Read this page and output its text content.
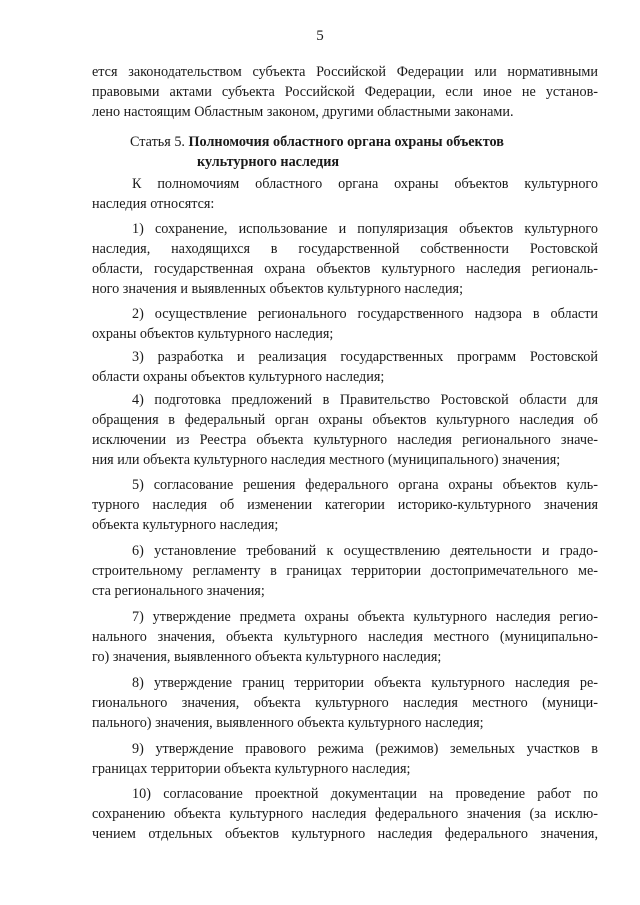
5
ется законодательством субъекта Российской Федерации или нормативными
правовыми актами субъекта Российской Федерации, если иное не установ-
лено настоящим Областным законом, другими областными законами.
Статья 5. Полномочия областного органа охраны объектов
культурного наследия
К полномочиям областного органа охраны объектов культурного
наследия относятся:
1) сохранение, использование и популяризация объектов культурного
наследия, находящихся в государственной собственности Ростовской
области, государственная охрана объектов культурного наследия региональ-
ного значения и выявленных объектов культурного наследия;
2) осуществление регионального государственного надзора в области
охраны объектов культурного наследия;
3) разработка и реализация государственных программ Ростовской
области охраны объектов культурного наследия;
4) подготовка предложений в Правительство Ростовской области для
обращения в федеральный орган охраны объектов культурного наследия об
исключении из Реестра объекта культурного наследия регионального значе-
ния или объекта культурного наследия местного (муниципального) значения;
5) согласование решения федерального органа охраны объектов куль-
турного наследия об изменении категории историко-культурного значения
объекта культурного наследия;
6) установление требований к осуществлению деятельности и градо-
строительному регламенту в границах территории достопримечательного ме-
ста регионального значения;
7) утверждение предмета охраны объекта культурного наследия регио-
нального значения, объекта культурного наследия местного (муниципально-
го) значения, выявленного объекта культурного наследия;
8) утверждение границ территории объекта культурного наследия ре-
гионального значения, объекта культурного наследия местного (муници-
пального) значения, выявленного объекта культурного наследия;
9) утверждение правового режима (режимов) земельных участков в
границах территории объекта культурного наследия;
10) согласование проектной документации на проведение работ по
сохранению объекта культурного наследия федерального значения (за исклю-
чением отдельных объектов культурного наследия федерального значения,
